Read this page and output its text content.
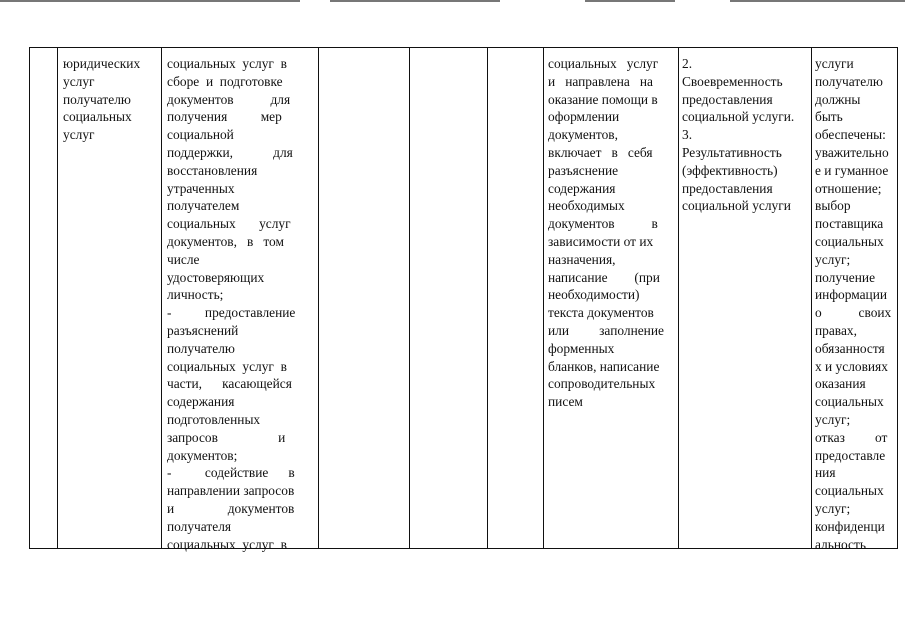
юридических
услуг
получателю
социальных
услуг
социальных  услуг  в
сборе  и  подготовке
документов           для
получения          мер
социальной
поддержки,            для
восстановления
утраченных
получателем
социальных       услуг
документов,   в   том
числе
удостоверяющих
личность;
-          предоставление
разъяснений
получателю
социальных  услуг  в
части,      касающейся
содержания
подготовленных
запросов                  и
документов;
-          содействие      в
направлении запросов
и                документов
получателя
социальных  услуг  в
социальных   услуг
и   направлена   на
оказание помощи в
оформлении
документов,
включает   в   себя
разъяснение
содержания
необходимых
документов           в
зависимости от их
назначения,
написание        (при
необходимости)
текста документов
или         заполнение
форменных
бланков, написание
сопроводительных
писем
2.
Своевременность
предоставления
социальной услуги.
3.
Результативность
(эффективность)
предоставления
социальной услуги
услуги
получателю
должны
быть
обеспечены:
уважительно
е и гуманное
отношение;
выбор
поставщика
социальных
услуг;
получение
информации
о           своих
правах,
обязанностя
х и условиях
оказания
социальных
услуг;
отказ         от
предоставле
ния
социальных
услуг;
конфиденци
альность
